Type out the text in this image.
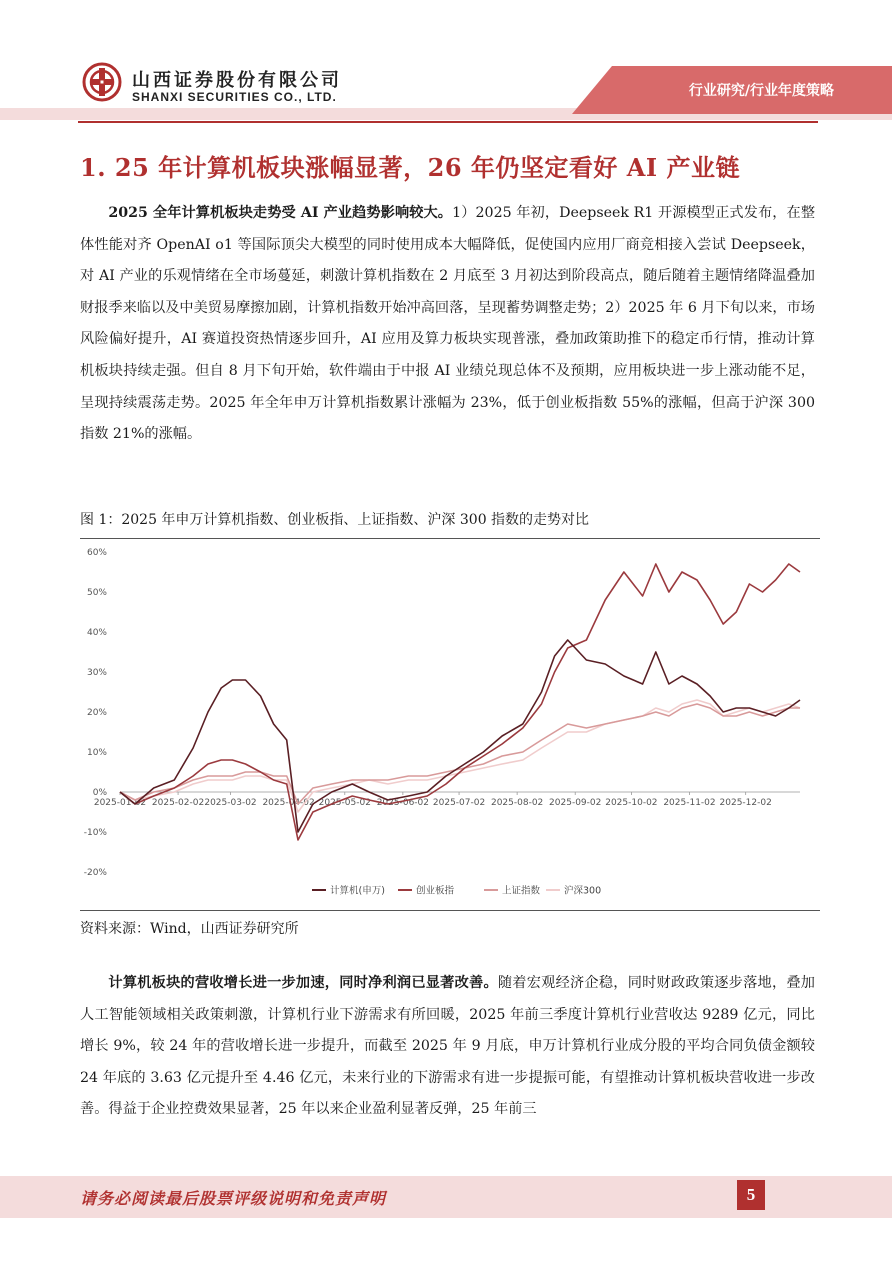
山西证券股份有限公司
SHANXI SECURITIES CO., LTD.	行业研究/行业年度策略
1. 25 年计算机板块涨幅显著，26 年仍坚定看好 AI 产业链
2025 全年计算机板块走势受 AI 产业趋势影响较大。1）2025 年初，Deepseek R1 开源模型正式发布，在整体性能对齐 OpenAI o1 等国际顶尖大模型的同时使用成本大幅降低，促使国内应用厂商竞相接入尝试 Deepseek，对 AI 产业的乐观情绪在全市场蔓延，刺激计算机指数在 2 月底至 3 月初达到阶段高点，随后随着主题情绪降温叠加财报季来临以及中美贸易摩擦加剧，计算机指数开始冲高回落，呈现蓄势调整走势；2）2025 年 6 月下旬以来，市场风险偏好提升，AI 赛道投资热情逐步回升，AI 应用及算力板块实现普涨，叠加政策助推下的稳定币行情，推动计算机板块持续走强。但自 8 月下旬开始，软件端由于中报 AI 业绩兑现总体不及预期，应用板块进一步上涨动能不足，呈现持续震荡走势。2025 年全年申万计算机指数累计涨幅为 23%，低于创业板指数 55%的涨幅，但高于沪深 300 指数 21%的涨幅。
图 1：2025 年申万计算机指数、创业板指、上证指数、沪深 300 指数的走势对比
60%
50%
40%
30%
20%
10%
0%
-10%
-20%
2025-01-02 2025-02-02 2025-03-02 2025-04-02 2025-05-02 2025-06-02 2025-07-02 2025-08-02 2025-09-02 2025-10-02 2025-11-02 2025-12-02
计算机(申万)	创业板指	上证指数	沪深300
资料来源：Wind，山西证券研究所
计算机板块的营收增长进一步加速，同时净利润已显著改善。随着宏观经济企稳，同时财政政策逐步落地，叠加人工智能领域相关政策刺激，计算机行业下游需求有所回暖，2025 年前三季度计算机行业营收达 9289 亿元，同比增长 9%，较 24 年的营收增长进一步提升，而截至 2025 年 9 月底，申万计算机行业成分股的平均合同负债金额较 24 年底的 3.63 亿元提升至 4.46 亿元，未来行业的下游需求有进一步提振可能，有望推动计算机板块营收进一步改善。得益于企业控费效果显著，25 年以来企业盈利显著反弹，25 年前三
请务必阅读最后股票评级说明和免责声明	5
